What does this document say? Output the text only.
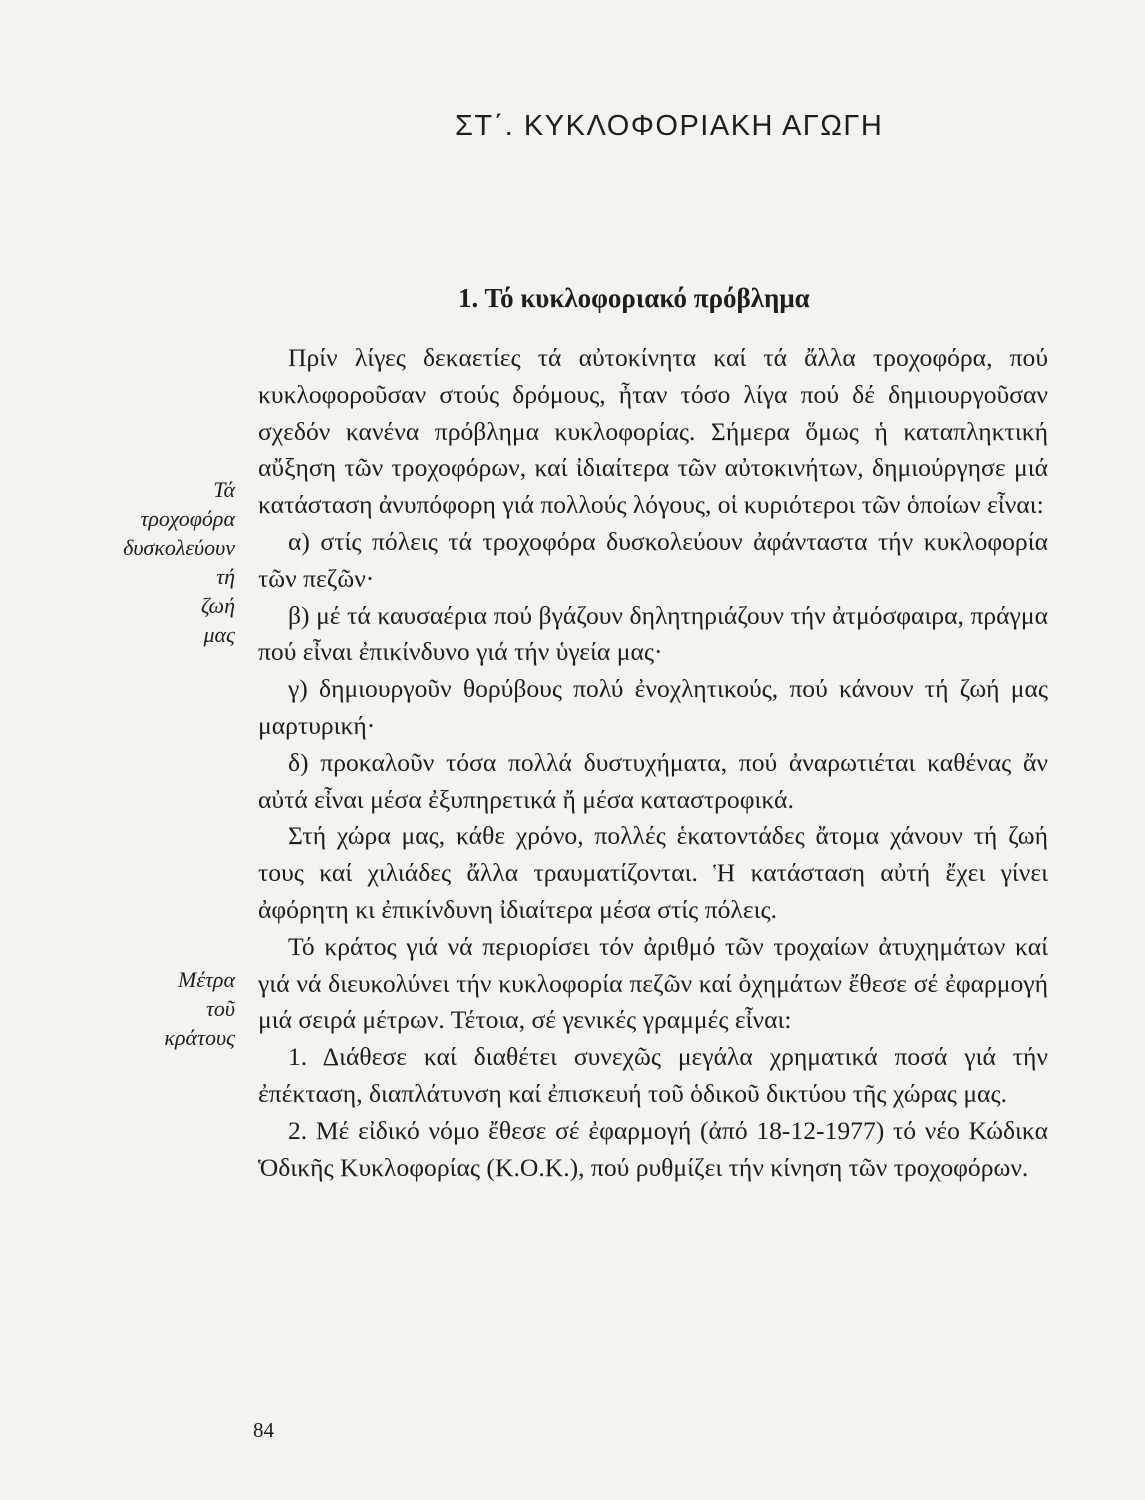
ΣΤ΄. ΚΥΚΛΟΦΟΡΙΑΚΗ ΑΓΩΓΗ
1. Τό κυκλοφοριακό πρόβλημα
Τά
τροχοφόρα
δυσκολεύουν
τή
ζωή
μας
Μέτρα
τοῦ
κράτους

Πρίν λίγες δεκαετίες τά αὐτοκίνητα καί τά ἄλλα τροχοφόρα, πού κυκλοφοροῦσαν στούς δρόμους, ἦταν τόσο λίγα πού δέ δημιουργοῦσαν σχεδόν κανένα πρόβλημα κυκλοφορίας. Σήμερα ὅμως ἡ καταπληκτική αὔξηση τῶν τροχοφόρων, καί ἰδιαίτερα τῶν αὐτοκινήτων, δημιούργησε μιά κατάσταση ἀνυπόφορη γιά πολλούς λόγους, οἱ κυριότεροι τῶν ὁποίων εἶναι:

α) στίς πόλεις τά τροχοφόρα δυσκολεύουν ἀφάνταστα τήν κυκλοφορία τῶν πεζῶν·

β) μέ τά καυσαέρια πού βγάζουν δηλητηριάζουν τήν ἀτμόσφαιρα, πράγμα πού εἶναι ἐπικίνδυνο γιά τήν ὑγεία μας·

γ) δημιουργοῦν θορύβους πολύ ἐνοχλητικούς, πού κάνουν τή ζωή μας μαρτυρική·

δ) προκαλοῦν τόσα πολλά δυστυχήματα, πού ἀναρωτιέται καθένας ἄν αὐτά εἶναι μέσα ἐξυπηρετικά ἤ μέσα καταστροφικά.

Στή χώρα μας, κάθε χρόνο, πολλές ἑκατοντάδες ἄτομα χάνουν τή ζωή τους καί χιλιάδες ἄλλα τραυματίζονται. Ἡ κατάσταση αὐτή ἔχει γίνει ἀφόρητη κι ἐπικίνδυνη ἰδιαίτερα μέσα στίς πόλεις.

Τό κράτος γιά νά περιορίσει τόν ἀριθμό τῶν τροχαίων ἀτυχημάτων καί γιά νά διευκολύνει τήν κυκλοφορία πεζῶν καί ὀχημάτων ἔθεσε σέ ἐφαρμογή μιά σειρά μέτρων. Τέτοια, σέ γενικές γραμμές εἶναι:

1. Διάθεσε καί διαθέτει συνεχῶς μεγάλα χρηματικά ποσά γιά τήν ἐπέκταση, διαπλάτυνση καί ἐπισκευή τοῦ ὁδικοῦ δικτύου τῆς χώρας μας.

2. Μέ εἰδικό νόμο ἔθεσε σέ ἐφαρμογή (ἀπό 18-12-1977) τό νέο Κώδικα Ὁδικῆς Κυκλοφορίας (Κ.Ο.Κ.), πού ρυθμίζει τήν κίνηση τῶν τροχοφόρων.

84
